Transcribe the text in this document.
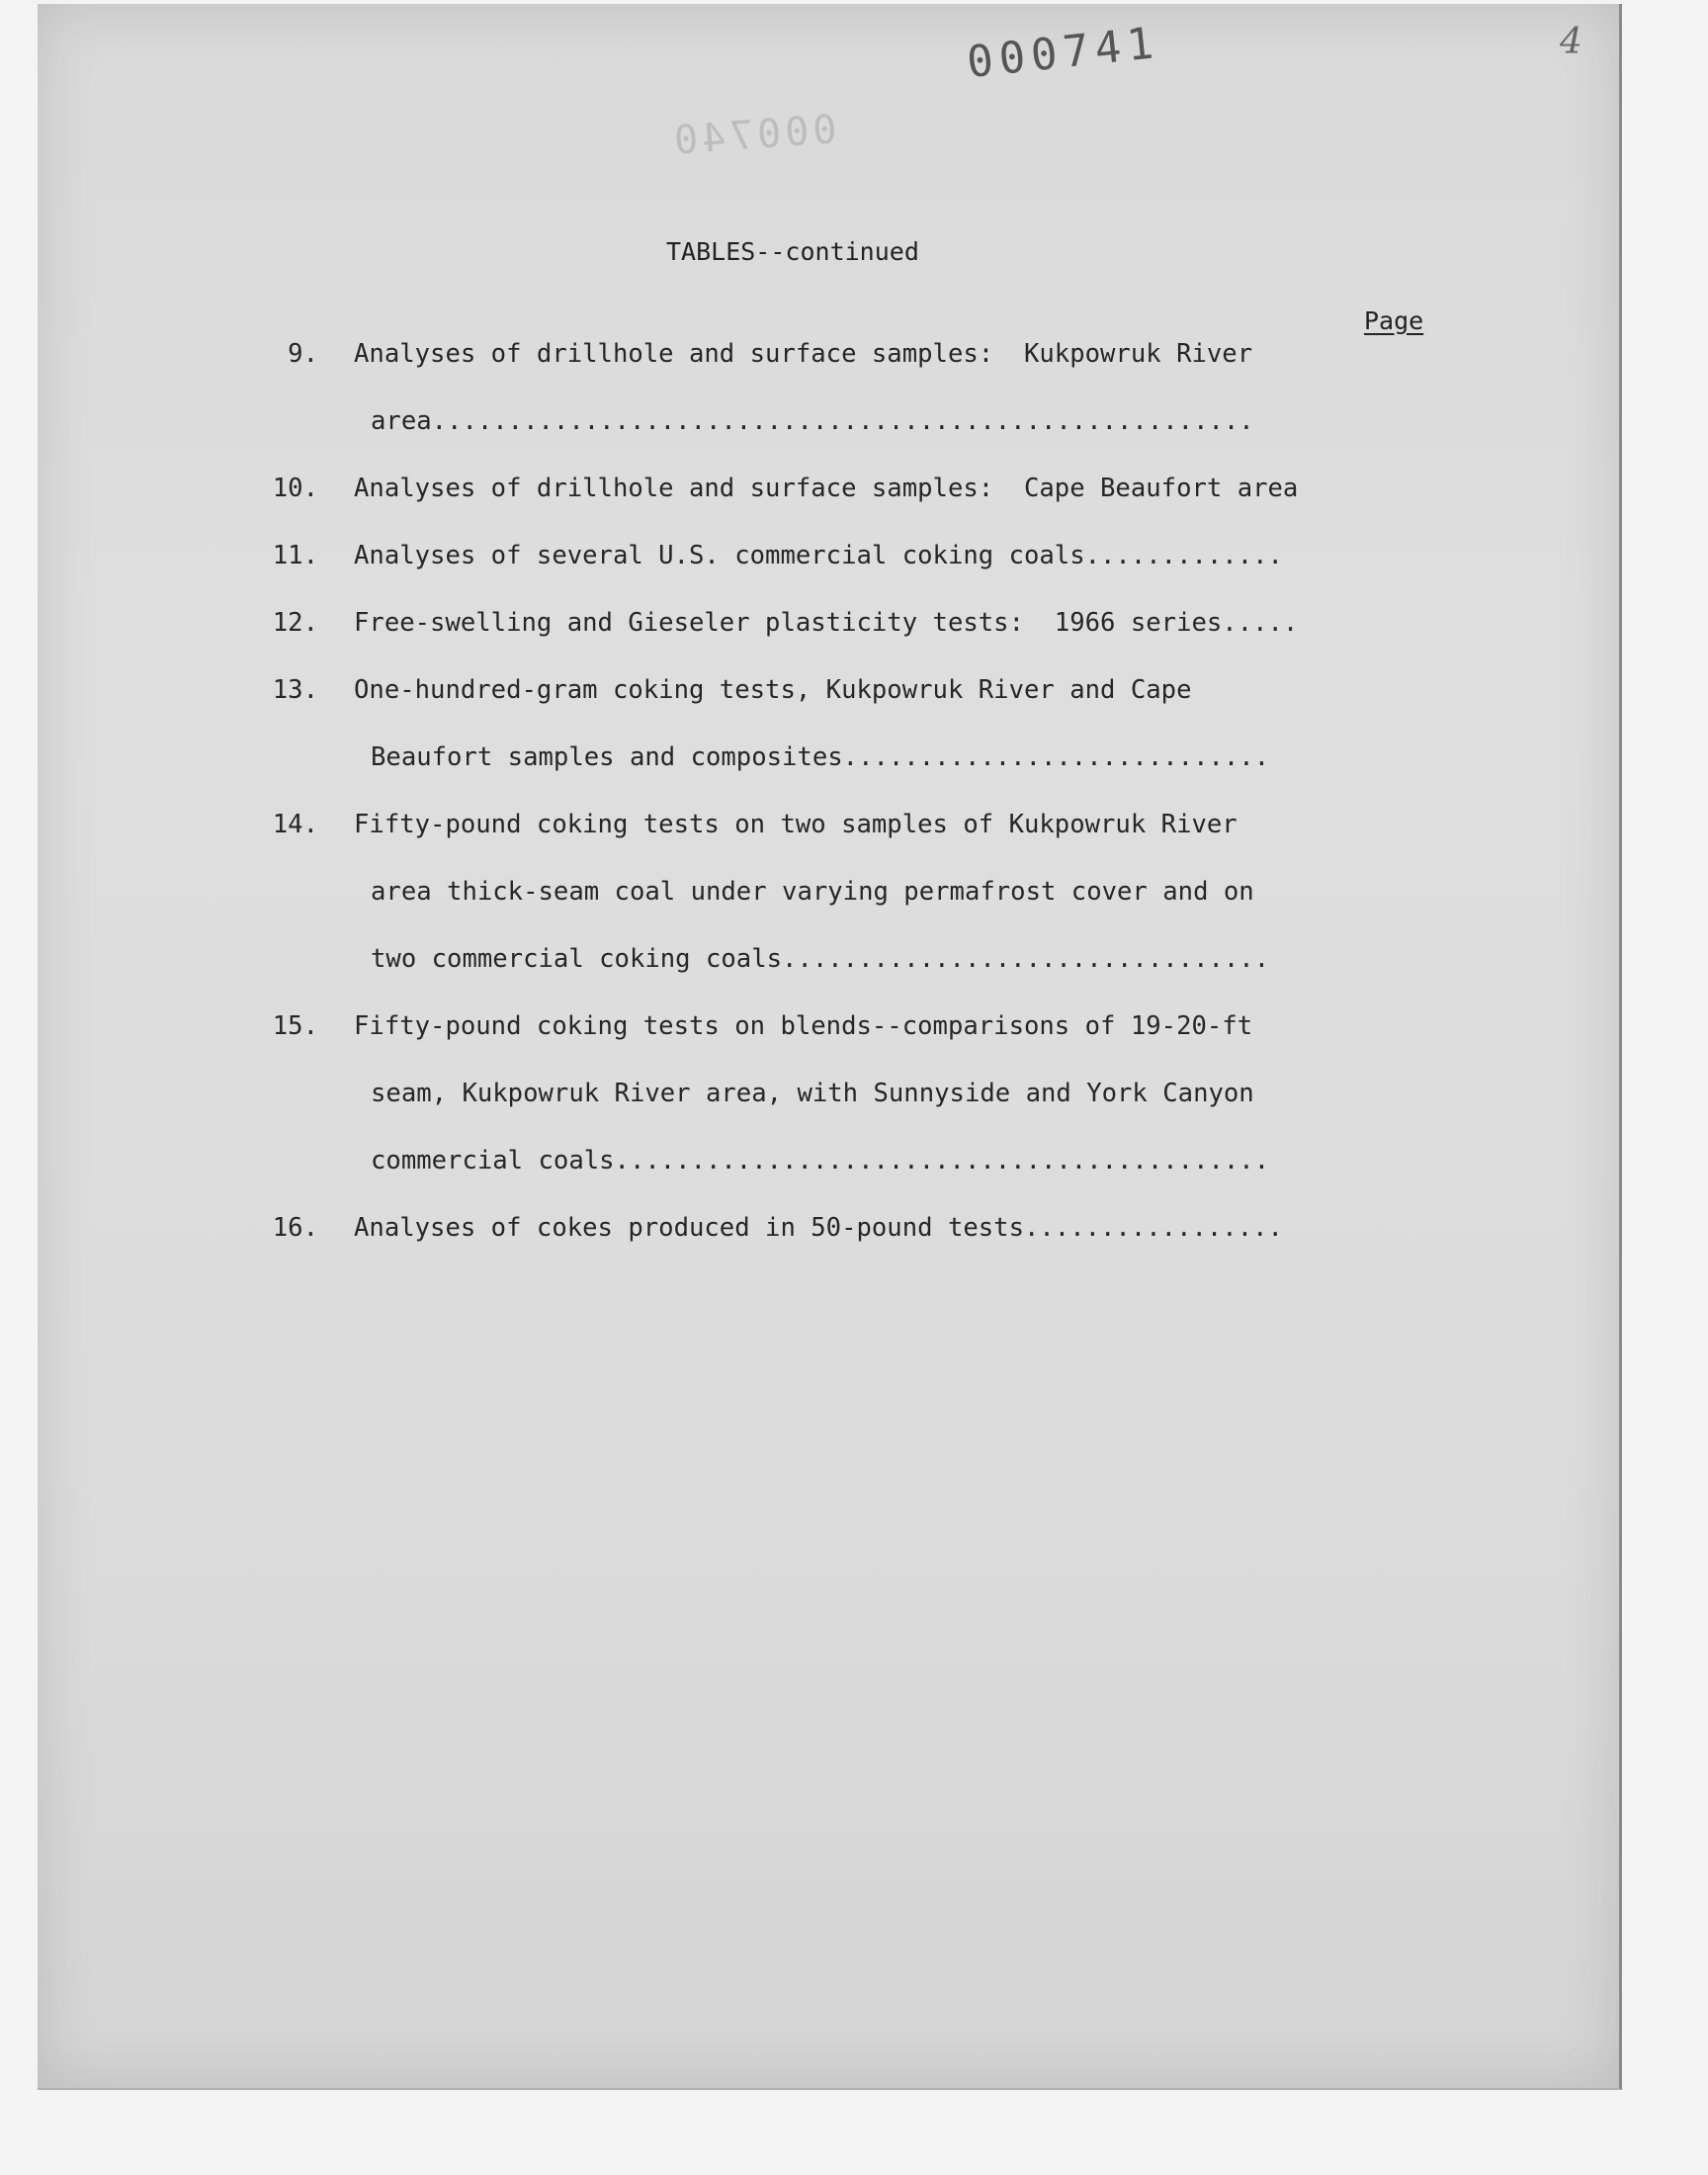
000741
000740
4
TABLES--continued
Page
9. Analyses of drillhole and surface samples:  Kukpowruk River
area......................................................
10. Analyses of drillhole and surface samples:  Cape Beaufort area
11. Analyses of several U.S. commercial coking coals.............
12. Free-swelling and Gieseler plasticity tests:  1966 series.....
13. One-hundred-gram coking tests, Kukpowruk River and Cape
Beaufort samples and composites............................
14. Fifty-pound coking tests on two samples of Kukpowruk River
area thick-seam coal under varying permafrost cover and on
two commercial coking coals................................
15. Fifty-pound coking tests on blends--comparisons of 19-20-ft
seam, Kukpowruk River area, with Sunnyside and York Canyon
commercial coals...........................................
16. Analyses of cokes produced in 50-pound tests.................
